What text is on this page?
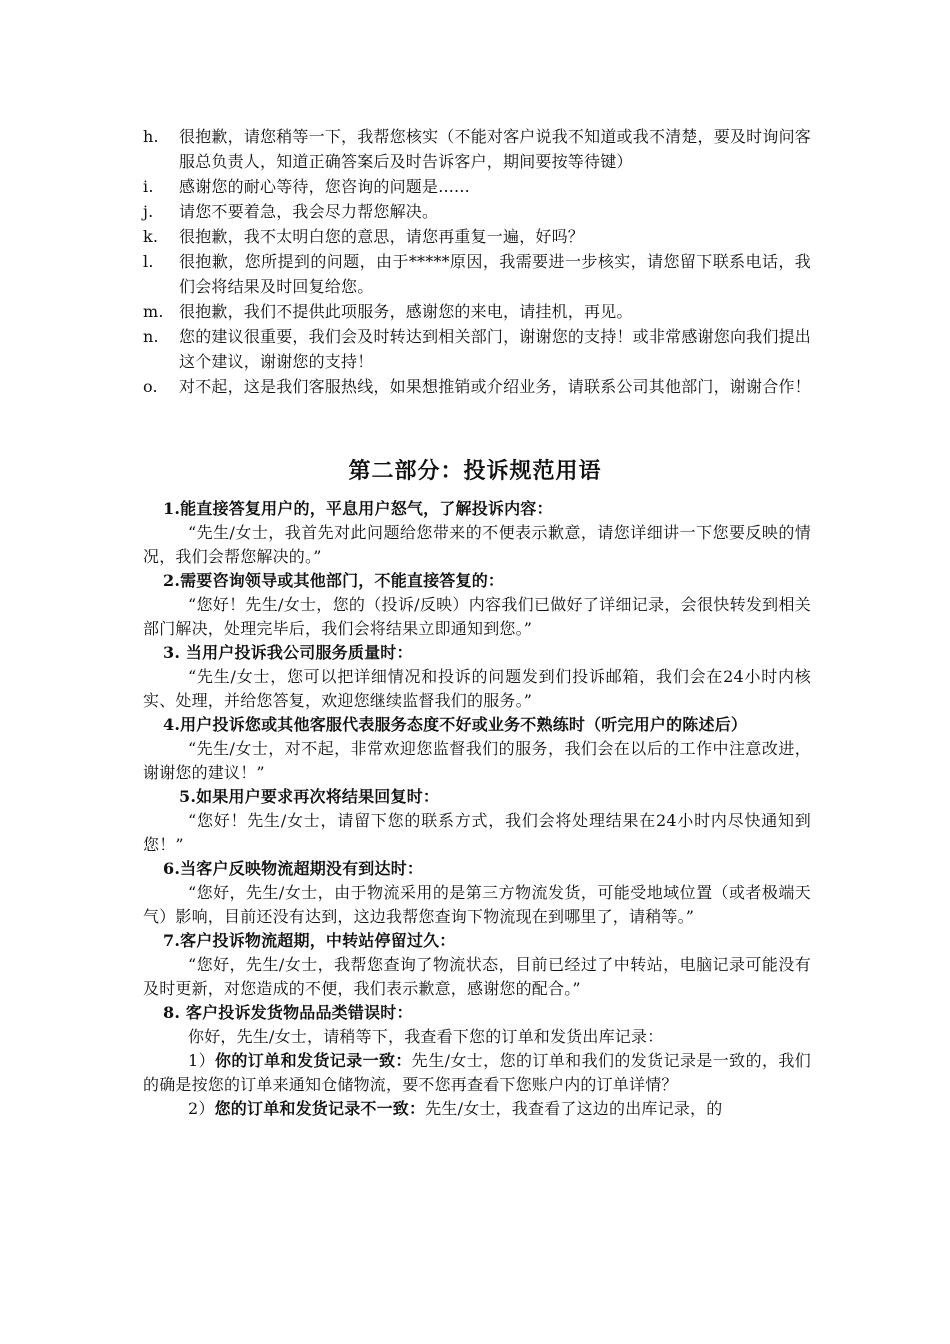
h.	很抱歉，请您稍等一下，我帮您核实（不能对客户说我不知道或我不清楚，要及时询问客服总负责人，知道正确答案后及时告诉客户，期间要按等待键）
i.	感谢您的耐心等待，您咨询的问题是......
j.	请您不要着急，我会尽力帮您解决。
k.	很抱歉，我不太明白您的意思，请您再重复一遍，好吗？
l.	很抱歉，您所提到的问题，由于*****原因，我需要进一步核实，请您留下联系电话，我们会将结果及时回复给您。
m. 很抱歉，我们不提供此项服务，感谢您的来电，请挂机，再见。
n.	您的建议很重要，我们会及时转达到相关部门，谢谢您的支持！或非常感谢您向我们提出这个建议，谢谢您的支持！
o.	对不起，这是我们客服热线，如果想推销或介绍业务，请联系公司其他部门，谢谢合作！
第二部分：投诉规范用语

1.能直接答复用户的，平息用户怒气，了解投诉内容：

“先生/女士，我首先对此问题给您带来的不便表示歉意，请您详细讲一下您要反映的情况，我们会帮您解决的。”

2.需要咨询领导或其他部门，不能直接答复的：

“您好！先生/女士，您的（投诉/反映）内容我们已做好了详细记录，会很快转发到相关部门解决，处理完毕后，我们会将结果立即通知到您。”

3. 当用户投诉我公司服务质量时：

“先生/女士，您可以把详细情况和投诉的问题发到们投诉邮箱，我们会在24小时内核实、处理，并给您答复，欢迎您继续监督我们的服务。”

4.用户投诉您或其他客服代表服务态度不好或业务不熟练时（听完用户的陈述后）

“先生/女士，对不起，非常欢迎您监督我们的服务，我们会在以后的工作中注意改进，谢谢您的建议！”

5.如果用户要求再次将结果回复时：

“您好！先生/女士，请留下您的联系方式，我们会将处理结果在24小时内尽快通知到您！”

6.当客户反映物流超期没有到达时：

“您好，先生/女士，由于物流采用的是第三方物流发货，可能受地域位置（或者极端天气）影响，目前还没有达到，这边我帮您查询下物流现在到哪里了，请稍等。”

7.客户投诉物流超期，中转站停留过久：

“您好，先生/女士，我帮您查询了物流状态，目前已经过了中转站，电脑记录可能没有及时更新，对您造成的不便，我们表示歉意，感谢您的配合。”

8. 客户投诉发货物品品类错误时：

你好，先生/女士，请稍等下，我查看下您的订单和发货出库记录：

1）你的订单和发货记录一致：先生/女士，您的订单和我们的发货记录是一致的，我们的确是按您的订单来通知仓储物流，要不您再查看下您账户内的订单详情？

2）您的订单和发货记录不一致：先生/女士，我查看了这边的出库记录，的
